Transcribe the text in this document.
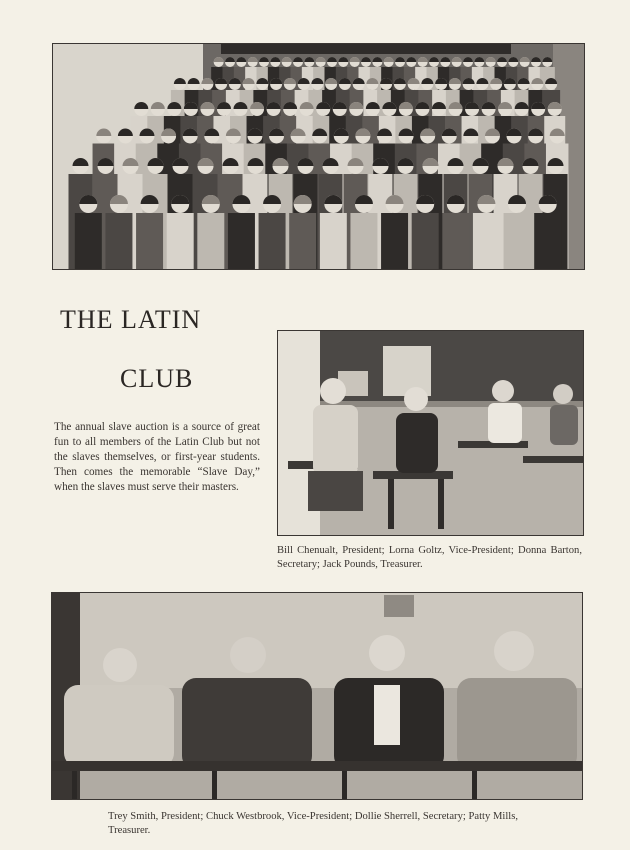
THE LATIN
CLUB
The annual slave auction is a source of great fun to all members of the Latin Club but not the slaves themselves, or first-year students. Then comes the memorable “Slave Day,” when the slaves must serve their masters.
Bill Chenualt, President; Lorna Goltz, Vice-President; Donna Barton, Secretary; Jack Pounds, Treasurer.
Trey Smith, President; Chuck Westbrook, Vice-President; Dollie Sherrell, Secretary; Patty Mills, Treasurer.
